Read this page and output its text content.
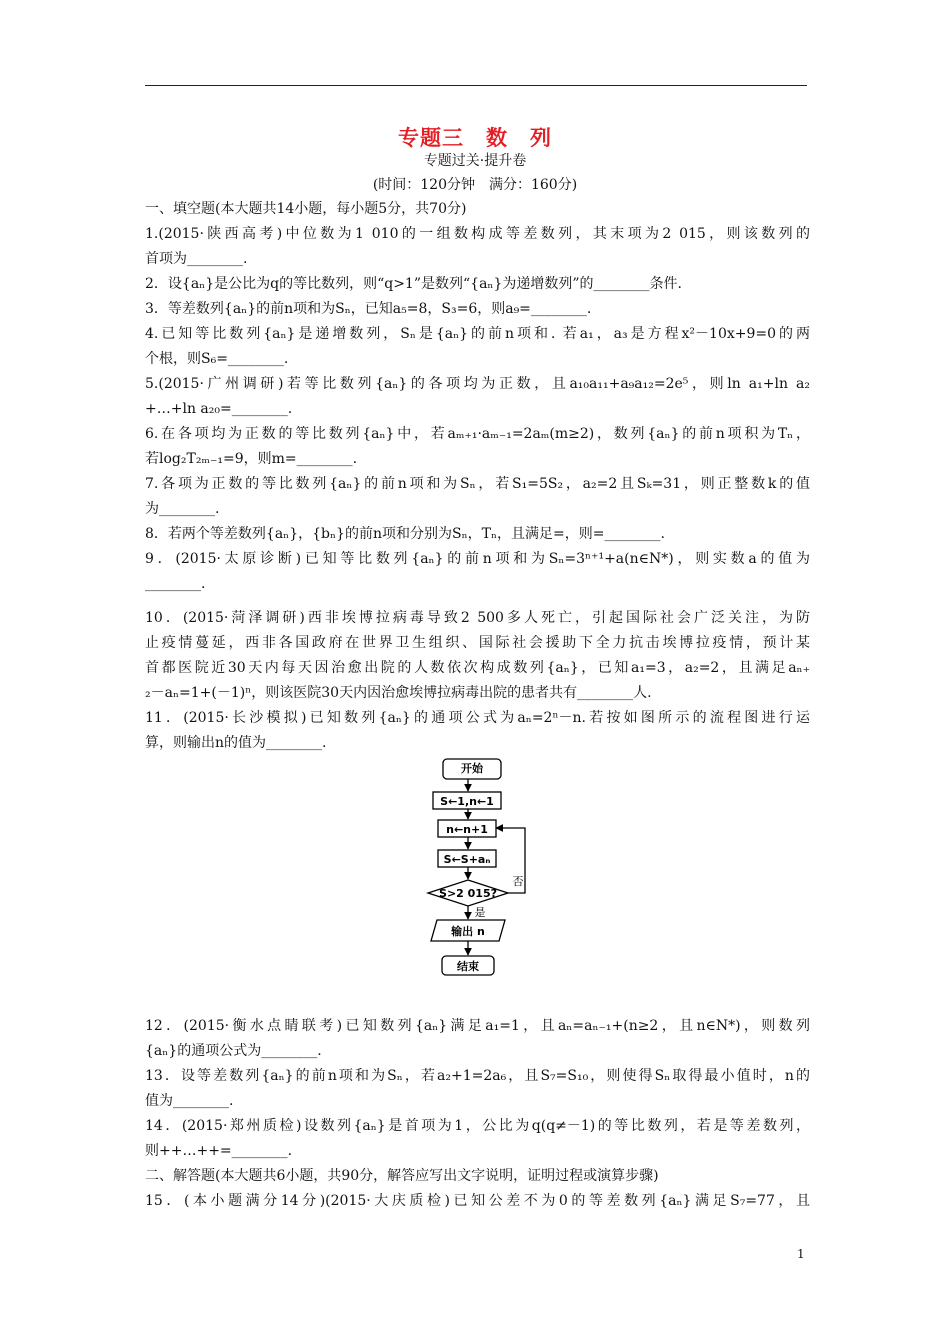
专题三　数　列
专题过关·提升卷
(时间：120分钟　满分：160分)
一、填空题(本大题共14小题，每小题5分，共70分)
1.(2015·陕西高考)中位数为1 010的一组数构成等差数列，其末项为2 015，则该数列的
首项为________.
2．设{aₙ}是公比为q的等比数列，则“q>1”是数列“{aₙ}为递增数列”的________条件.
3．等差数列{aₙ}的前n项和为Sₙ，已知a₅=8，S₃=6，则a₉=________.
4.已知等比数列{aₙ}是递增数列，Sₙ是{aₙ}的前n项和. 若a₁，a₃是方程x²－10x+9=0的两
个根，则S₆=________.
5.(2015·广州调研)若等比数列{aₙ}的各项均为正数，且a₁₀a₁₁+a₉a₁₂=2e⁵，则ln a₁+ln a₂
+…+ln a₂₀=________.
6.在各项均为正数的等比数列{aₙ}中，若aₘ₊₁·aₘ₋₁=2aₘ(m≥2)，数列{aₙ}的前n项积为Tₙ，
若log₂T₂ₘ₋₁=9，则m=________.
7.各项为正数的等比数列{aₙ}的前n项和为Sₙ，若S₁=5S₂，a₂=2且Sₖ=31，则正整数k的值
为________.
8．若两个等差数列{aₙ}，{bₙ}的前n项和分别为Sₙ，Tₙ，且满足=，则=________.
9．(2015·太原诊断)已知等比数列{aₙ}的前n项和为Sₙ=3ⁿ⁺¹+a(n∈N*)，则实数a的值为
________.
10．(2015·菏泽调研)西非埃博拉病毒导致2 500多人死亡，引起国际社会广泛关注，为防
止疫情蔓延，西非各国政府在世界卫生组织、国际社会援助下全力抗击埃博拉疫情，预计某
首都医院近30天内每天因治愈出院的人数依次构成数列{aₙ}，已知a₁=3，a₂=2，且满足aₙ₊
₂－aₙ=1+(－1)ⁿ，则该医院30天内因治愈埃博拉病毒出院的患者共有________人.
11．(2015·长沙模拟)已知数列{aₙ}的通项公式为aₙ=2ⁿ－n.若按如图所示的流程图进行运
算，则输出n的值为________.
开始
S←1,n←1
n←n+1
S←S+aₙ
S>2 015?
否
是
输出 n
结束
12．(2015·衡水点睛联考)已知数列{aₙ}满足a₁=1，且aₙ=aₙ₋₁+(n≥2，且n∈N*)，则数列
{aₙ}的通项公式为________.
13．设等差数列{aₙ}的前n项和为Sₙ，若a₂+1=2a₆，且S₇=S₁₀，则使得Sₙ取得最小值时，n的
值为________.
14．(2015·郑州质检)设数列{aₙ}是首项为1，公比为q(q≠－1)的等比数列，若是等差数列，
则++…++=________.
二、解答题(本大题共6小题，共90分，解答应写出文字说明，证明过程或演算步骤)
15．(本小题满分14分)(2015·大庆质检)已知公差不为0的等差数列{aₙ}满足S₇=77，且
1
